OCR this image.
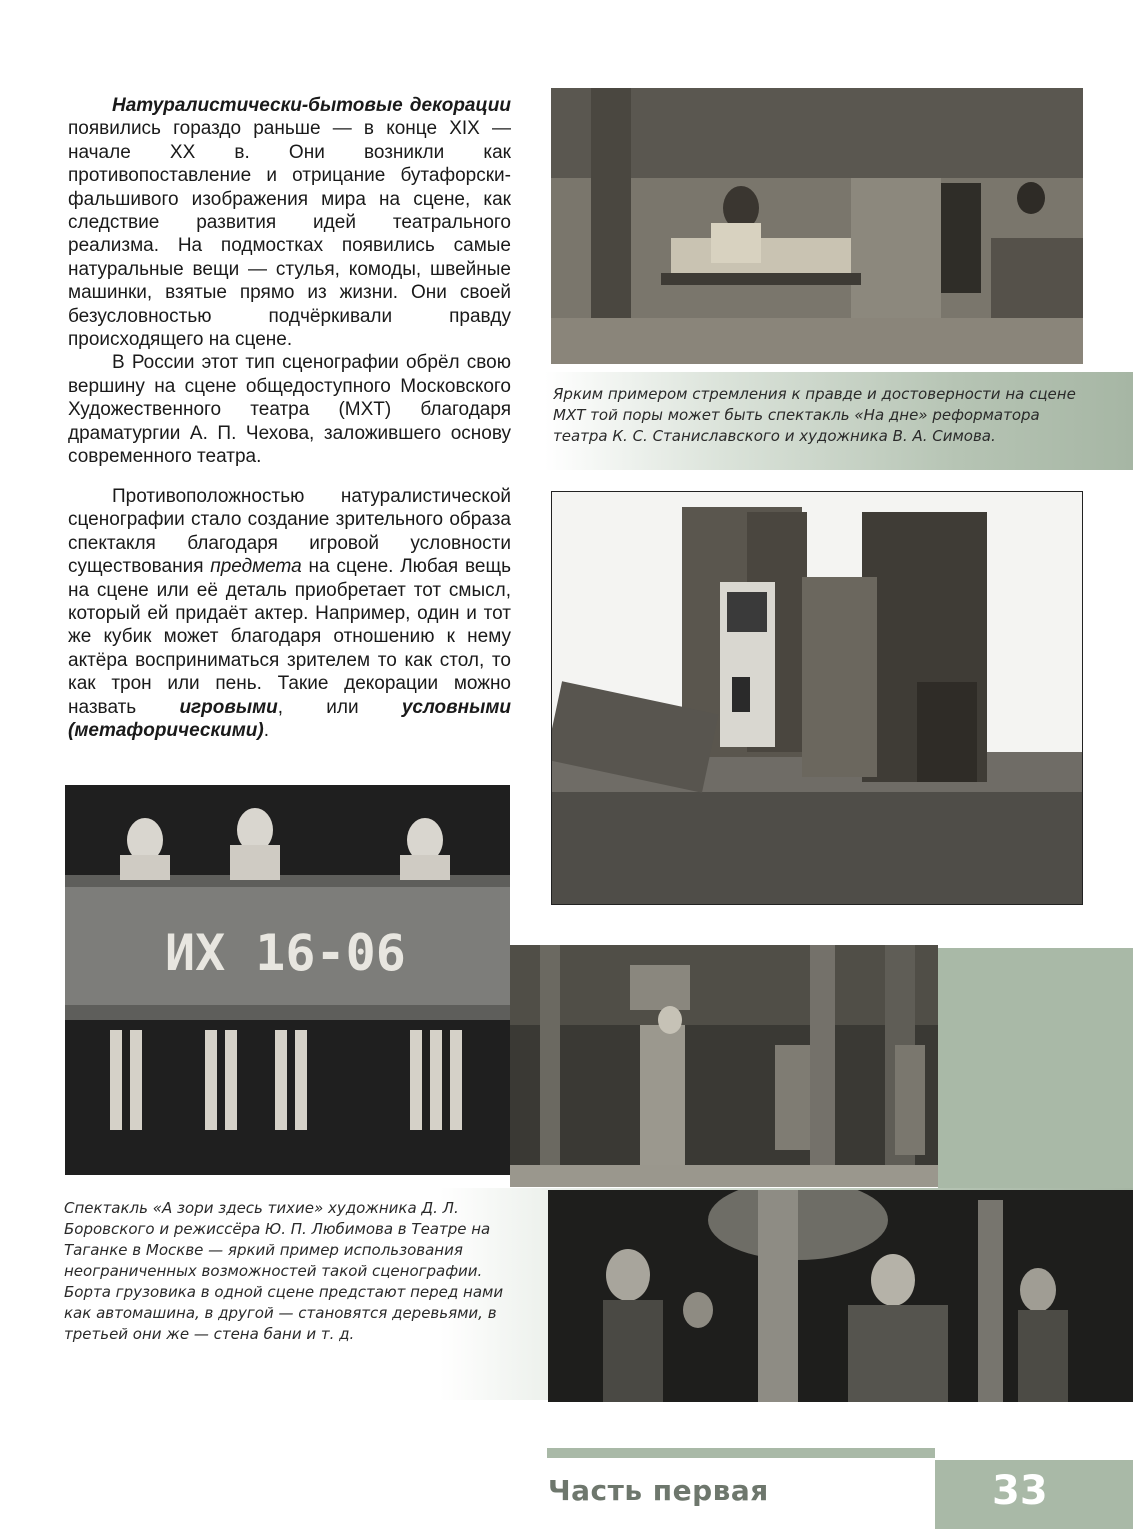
Натуралистически-бытовые декорации появились гораздо раньше — в конце XIX — начале XX в. Они возникли как противопоставление и отрицание бутафорски-фальшивого изображения мира на сцене, как следствие развития идей театрального реализма. На подмостках появились самые натуральные вещи — стулья, комоды, швейные машинки, взятые прямо из жизни. Они своей безусловностью подчёркивали правду происходящего на сцене.

В России этот тип сценографии обрёл свою вершину на сцене общедоступного Московского Художественного театра (МХТ) благодаря драматургии А. П. Чехова, заложившего основу современного театра.

Противоположностью натуралистической сценографии стало создание зрительного образа спектакля благодаря игровой условности существования предмета на сцене. Любая вещь на сцене или её деталь приобретает тот смысл, который ей придаёт актер. Например, один и тот же кубик может благодаря отношению к нему актёра восприниматься зрителем то как стол, то как трон или пень. Такие декорации можно назвать игровыми, или условными (метафорическими).

Ярким примером стремления к правде и достоверности на сцене МХТ той поры может быть спектакль «На дне» реформатора театра К. С. Станиславского и художника В. А. Симова.

ИХ 16-06

Спектакль «А зори здесь тихие» художника Д. Л. Боровского и режиссёра Ю. П. Любимова в Театре на Таганке в Москве — яркий пример использования неограниченных возможностей такой сценографии. Борта грузовика в одной сцене предстают перед нами как автомашина, в другой — становятся деревьями, в третьей они же — стена бани и т. д.

Часть первая	33
